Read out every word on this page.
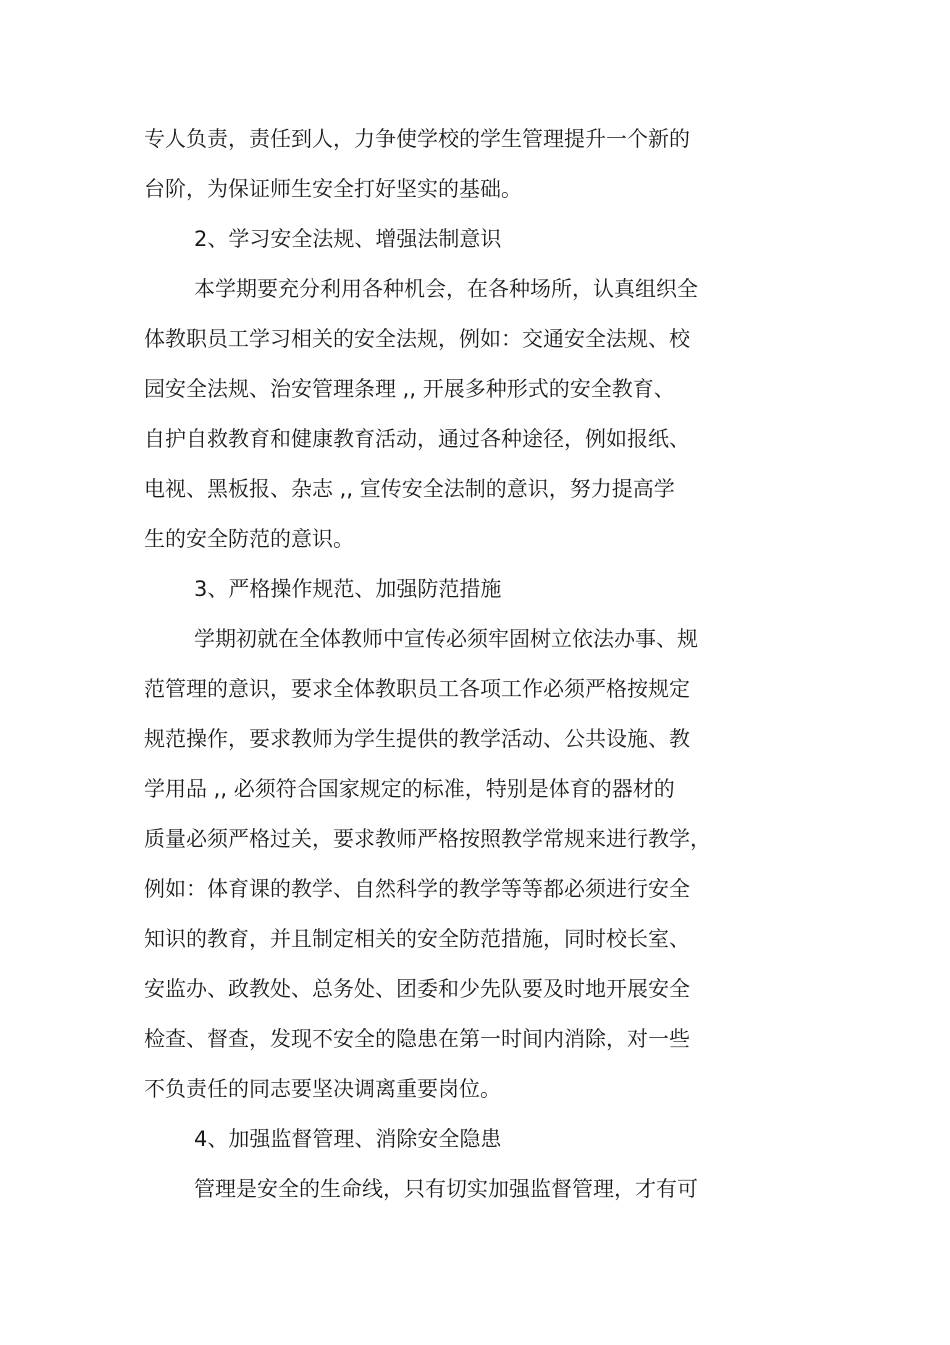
专人负责，责任到人，力争使学校的学生管理提升一个新的
台阶，为保证师生安全打好坚实的基础。
2、学习安全法规、增强法制意识
本学期要充分利用各种机会，在各种场所，认真组织全
体教职员工学习相关的安全法规，例如：交通安全法规、校
园安全法规、治安管理条理 ,, 开展多种形式的安全教育、
自护自救教育和健康教育活动，通过各种途径，例如报纸、
电视、黑板报、杂志 ,, 宣传安全法制的意识，努力提高学
生的安全防范的意识。
3、严格操作规范、加强防范措施
学期初就在全体教师中宣传必须牢固树立依法办事、规
范管理的意识，要求全体教职员工各项工作必须严格按规定
规范操作，要求教师为学生提供的教学活动、公共设施、教
学用品 ,, 必须符合国家规定的标准，特别是体育的器材的
质量必须严格过关，要求教师严格按照教学常规来进行教学，
例如：体育课的教学、自然科学的教学等等都必须进行安全
知识的教育，并且制定相关的安全防范措施，同时校长室、
安监办、政教处、总务处、团委和少先队要及时地开展安全
检查、督查，发现不安全的隐患在第一时间内消除，对一些
不负责任的同志要坚决调离重要岗位。
4、加强监督管理、消除安全隐患
管理是安全的生命线，只有切实加强监督管理，才有可
